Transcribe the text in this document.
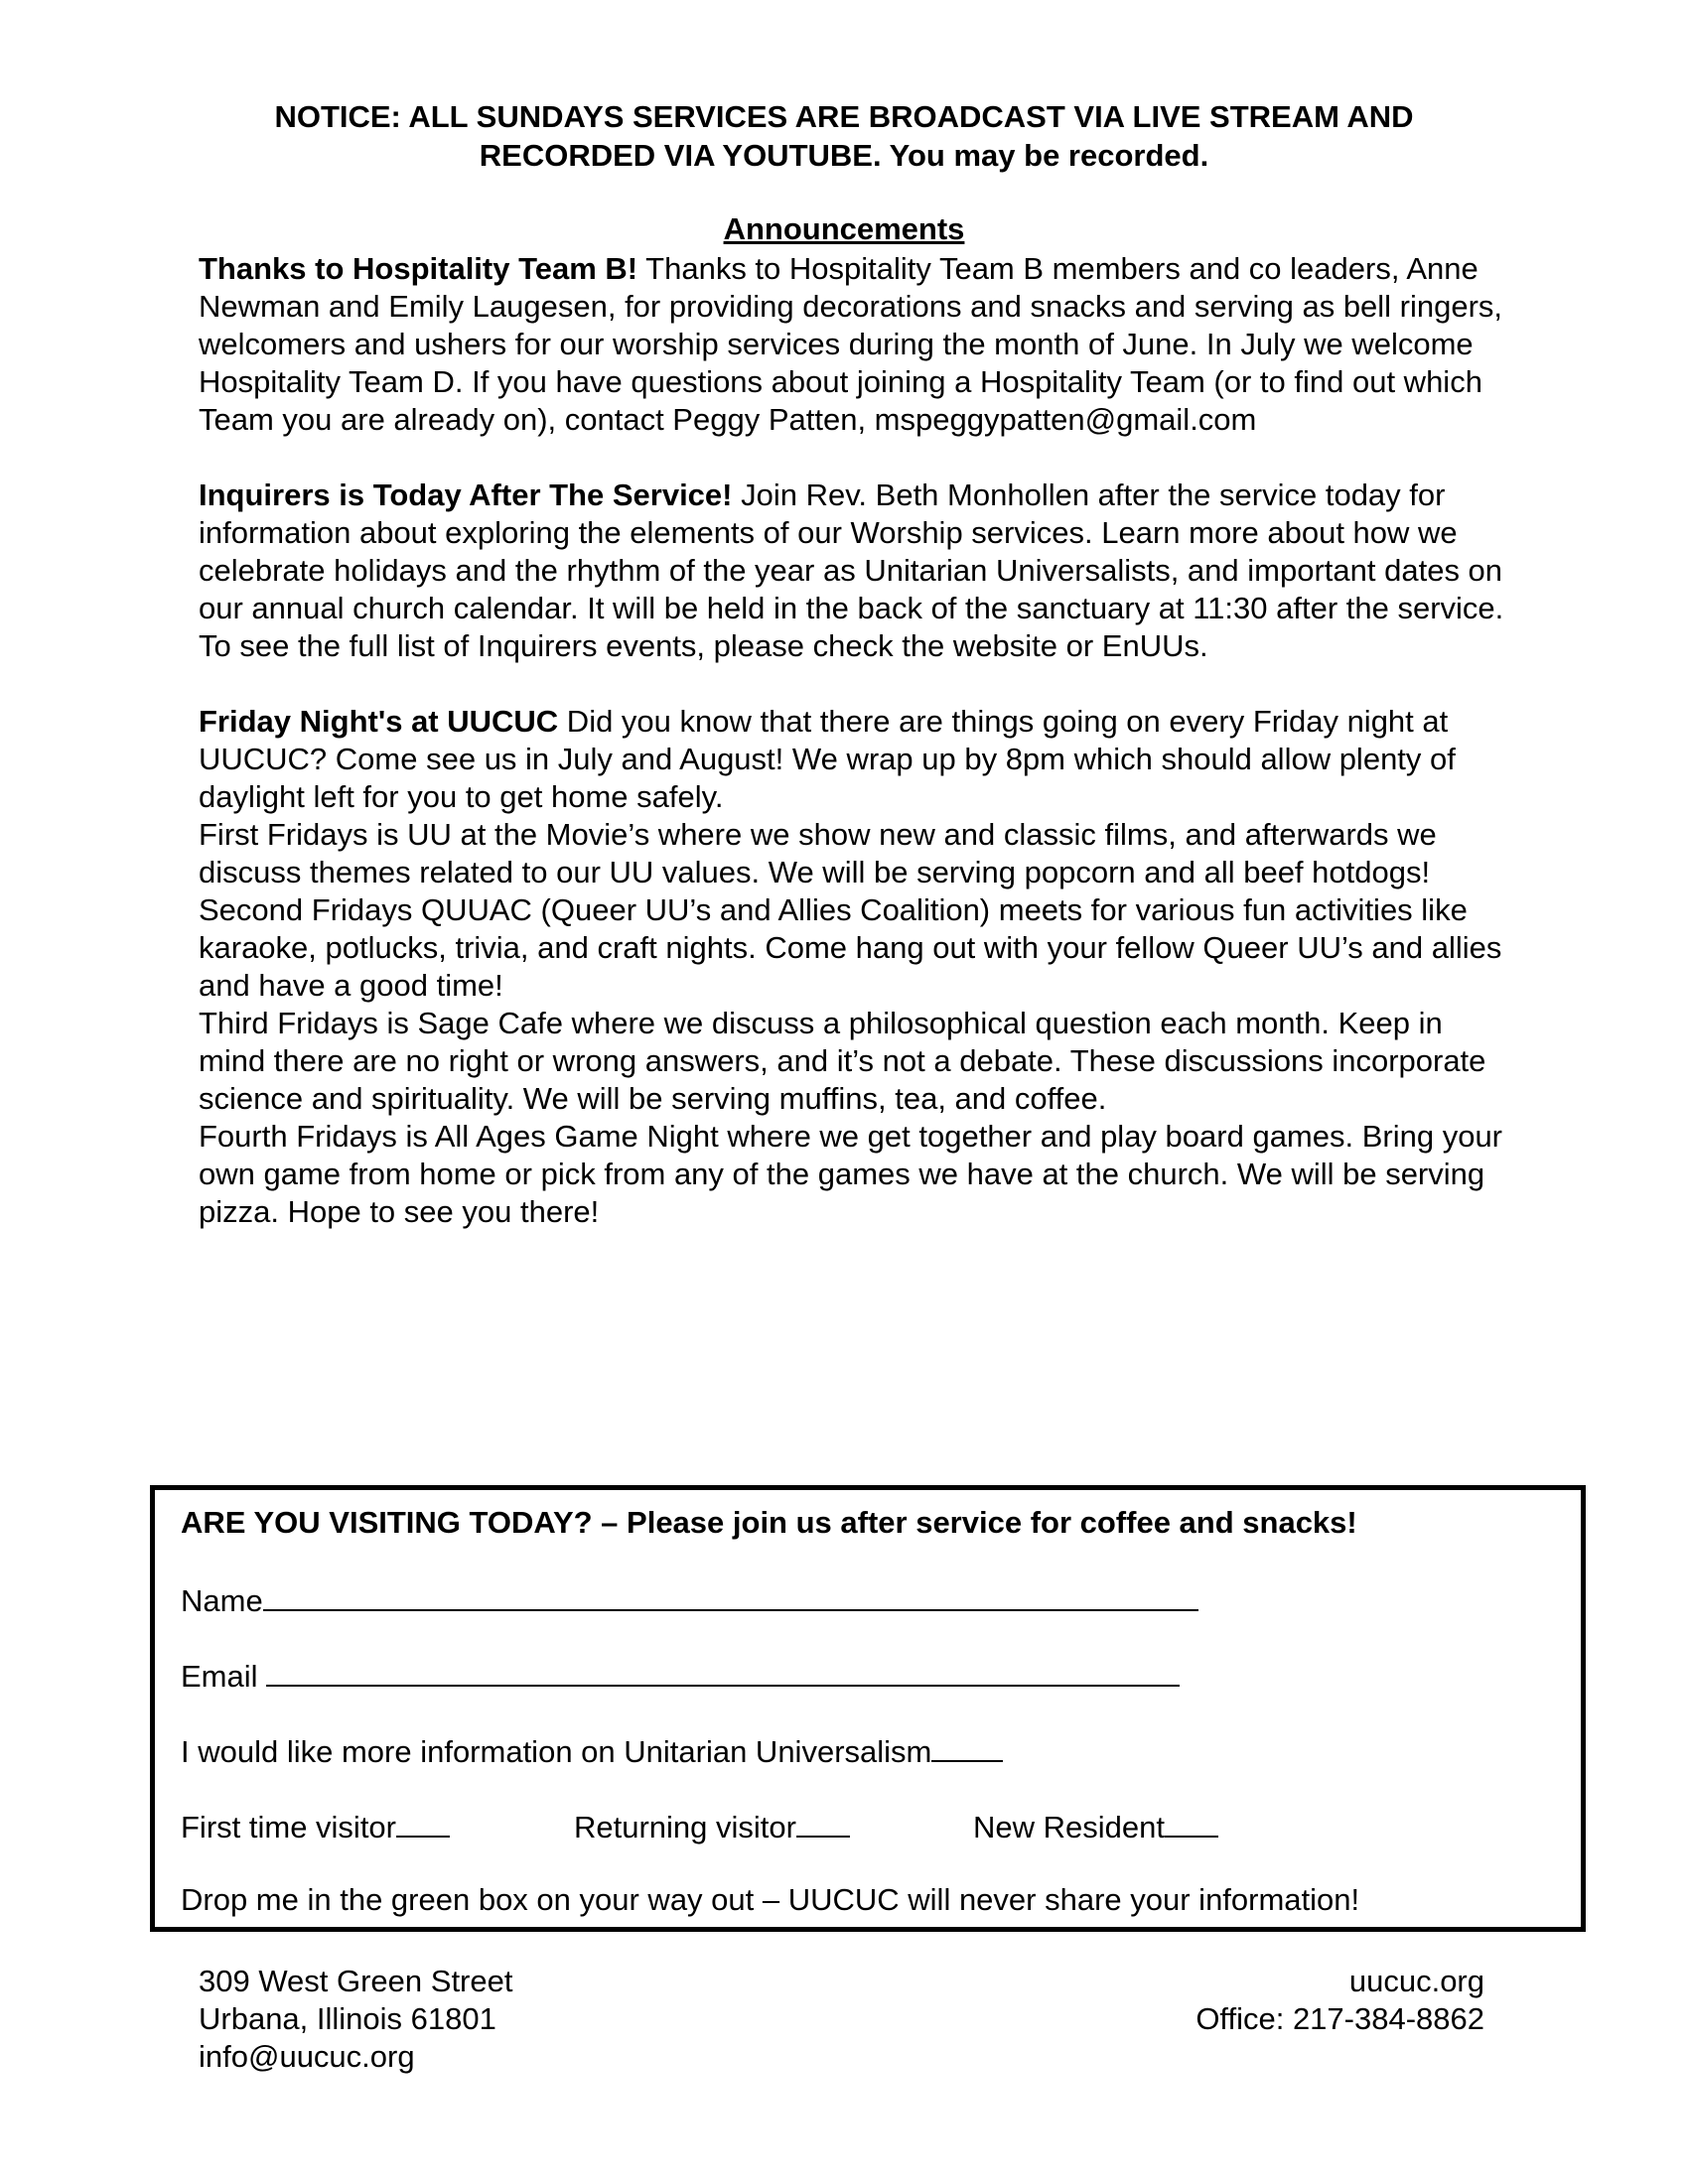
NOTICE: ALL SUNDAYS SERVICES ARE BROADCAST VIA LIVE STREAM AND
RECORDED VIA YOUTUBE. You may be recorded.
Announcements

Thanks to Hospitality Team B! Thanks to Hospitality Team B members and co leaders, Anne Newman and Emily Laugesen, for providing decorations and snacks and serving as bell ringers, welcomers and ushers for our worship services during the month of June. In July we welcome Hospitality Team D. If you have questions about joining a Hospitality Team (or to find out which Team you are already on), contact Peggy Patten, mspeggypatten@gmail.com

Inquirers is Today After The Service! Join Rev. Beth Monhollen after the service today for information about exploring the elements of our Worship services. Learn more about how we celebrate holidays and the rhythm of the year as Unitarian Universalists, and important dates on our annual church calendar. It will be held in the back of the sanctuary at 11:30 after the service. To see the full list of Inquirers events, please check the website or EnUUs.

Friday Night's at UUCUC Did you know that there are things going on every Friday night at UUCUC? Come see us in July and August! We wrap up by 8pm which should allow plenty of daylight left for you to get home safely.
First Fridays is UU at the Movie’s where we show new and classic films, and afterwards we discuss themes related to our UU values. We will be serving popcorn and all beef hotdogs!
Second Fridays QUUAC (Queer UU’s and Allies Coalition) meets for various fun activities like karaoke, potlucks, trivia, and craft nights. Come hang out with your fellow Queer UU’s and allies and have a good time!
Third Fridays is Sage Cafe where we discuss a philosophical question each month. Keep in mind there are no right or wrong answers, and it’s not a debate. These discussions incorporate science and spirituality. We will be serving muffins, tea, and coffee.
Fourth Fridays is All Ages Game Night where we get together and play board games. Bring your own game from home or pick from any of the games we have at the church. We will be serving pizza. Hope to see you there!

ARE YOU VISITING TODAY? – Please join us after service for coffee and snacks!
Name
Email
I would like more information on Unitarian Universalism
First time visitor	Returning visitor	New Resident
Drop me in the green box on your way out – UUCUC will never share your information!
309 West Green Street
Urbana, Illinois 61801
info@uucuc.org
uucuc.org
Office: 217-384-8862
